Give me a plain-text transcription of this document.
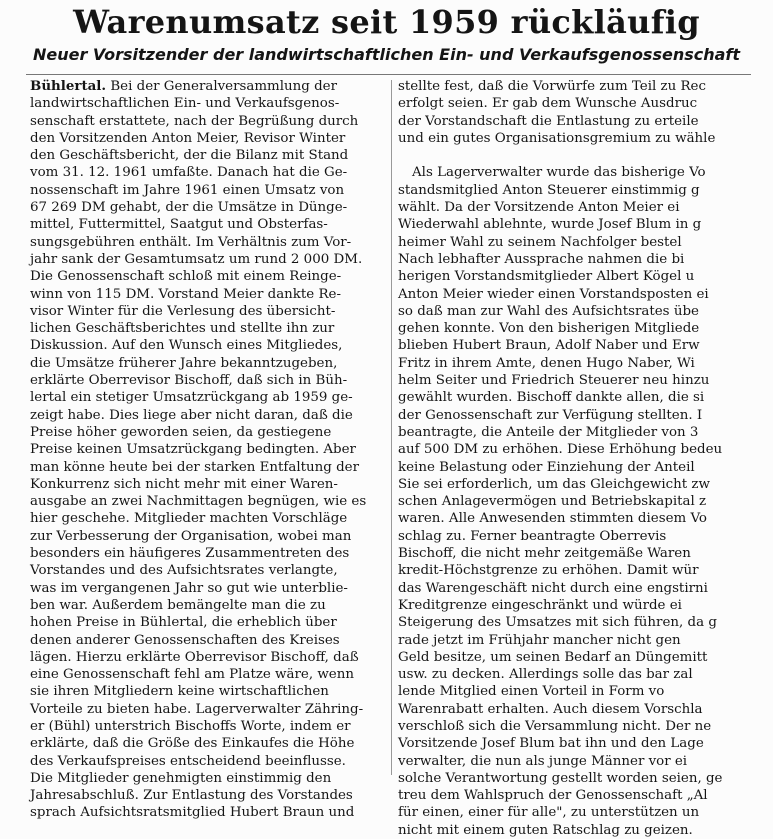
Warenumsatz seit 1959 rückläufig
Neuer Vorsitzender der landwirtschaftlichen Ein- und Verkaufsgenossenschaft
Bühlertal. Bei der Generalversammlung der
landwirtschaftlichen Ein- und Verkaufsgenos-
senschaft erstattete, nach der Begrüßung durch
den Vorsitzenden Anton Meier, Revisor Winter
den Geschäftsbericht, der die Bilanz mit Stand
vom 31. 12. 1961 umfaßte. Danach hat die Ge-
nossenschaft im Jahre 1961 einen Umsatz von
67 269 DM gehabt, der die Umsätze in Dünge-
mittel, Futtermittel, Saatgut und Obsterfas-
sungsgebühren enthält. Im Verhältnis zum Vor-
jahr sank der Gesamtumsatz um rund 2 000 DM.
Die Genossenschaft schloß mit einem Reinge-
winn von 115 DM. Vorstand Meier dankte Re-
visor Winter für die Verlesung des übersicht-
lichen Geschäftsberichtes und stellte ihn zur
Diskussion. Auf den Wunsch eines Mitgliedes,
die Umsätze früherer Jahre bekanntzugeben,
erklärte Oberrevisor Bischoff, daß sich in Büh-
lertal ein stetiger Umsatzrückgang ab 1959 ge-
zeigt habe. Dies liege aber nicht daran, daß die
Preise höher geworden seien, da gestiegene
Preise keinen Umsatzrückgang bedingten. Aber
man könne heute bei der starken Entfaltung der
Konkurrenz sich nicht mehr mit einer Waren-
ausgabe an zwei Nachmittagen begnügen, wie es
hier geschehe. Mitglieder machten Vorschläge
zur Verbesserung der Organisation, wobei man
besonders ein häufigeres Zusammentreten des
Vorstandes und des Aufsichtsrates verlangte,
was im vergangenen Jahr so gut wie unterblie-
ben war. Außerdem bemängelte man die zu
hohen Preise in Bühlertal, die erheblich über
denen anderer Genossenschaften des Kreises
lägen. Hierzu erklärte Oberrevisor Bischoff, daß
eine Genossenschaft fehl am Platze wäre, wenn
sie ihren Mitgliedern keine wirtschaftlichen
Vorteile zu bieten habe. Lagerverwalter Zähring-
er (Bühl) unterstrich Bischoffs Worte, indem er
erklärte, daß die Größe des Einkaufes die Höhe
des Verkaufspreises entscheidend beeinflusse.
Die Mitglieder genehmigten einstimmig den
Jahresabschluß. Zur Entlastung des Vorstandes
sprach Aufsichtsratsmitglied Hubert Braun und
stellte fest, daß die Vorwürfe zum Teil zu Rec
erfolgt seien. Er gab dem Wunsche Ausdruc
der Vorstandschaft die Entlastung zu erteile
und ein gutes Organisationsgremium zu wähle
Als Lagerverwalter wurde das bisherige Vo
standsmitglied Anton Steuerer einstimmig g
wählt. Da der Vorsitzende Anton Meier ei
Wiederwahl ablehnte, wurde Josef Blum in g
heimer Wahl zu seinem Nachfolger bestel
Nach lebhafter Aussprache nahmen die bi
herigen Vorstandsmitglieder Albert Kögel u
Anton Meier wieder einen Vorstandsposten ei
so daß man zur Wahl des Aufsichtsrates übe
gehen konnte. Von den bisherigen Mitgliede
blieben Hubert Braun, Adolf Naber und Erw
Fritz in ihrem Amte, denen Hugo Naber, Wi
helm Seiter und Friedrich Steuerer neu hinzu
gewählt wurden. Bischoff dankte allen, die si
der Genossenschaft zur Verfügung stellten. I
beantragte, die Anteile der Mitglieder von 3
auf 500 DM zu erhöhen. Diese Erhöhung bedeu
keine Belastung oder Einziehung der Anteil
Sie sei erforderlich, um das Gleichgewicht zw
schen Anlagevermögen und Betriebskapital z
waren. Alle Anwesenden stimmten diesem Vo
schlag zu. Ferner beantragte Oberrevis
Bischoff, die nicht mehr zeitgemäße Waren
kredit-Höchstgrenze zu erhöhen. Damit wür
das Warengeschäft nicht durch eine engstirni
Kreditgrenze eingeschränkt und würde ei
Steigerung des Umsatzes mit sich führen, da g
rade jetzt im Frühjahr mancher nicht gen
Geld besitze, um seinen Bedarf an Düngemitt
usw. zu decken. Allerdings solle das bar zal
lende Mitglied einen Vorteil in Form vo
Warenrabatt erhalten. Auch diesem Vorschla
verschloß sich die Versammlung nicht. Der ne
Vorsitzende Josef Blum bat ihn und den Lage
verwalter, die nun als junge Männer vor ei
solche Verantwortung gestellt worden seien, ge
treu dem Wahlspruch der Genossenschaft „Al
für einen, einer für alle", zu unterstützen un
nicht mit einem guten Ratschlag zu geizen.
